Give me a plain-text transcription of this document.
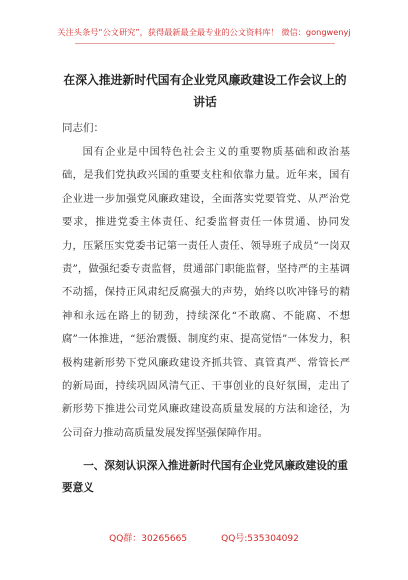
关注头条号“公文研究”，获得最新最全最专业的公文资料库！ 微信：gongwenyj
在深入推进新时代国有企业党风廉政建设工作会议上的讲话

同志们：

国有企业是中国特色社会主义的重要物质基础和政治基础，是我们党执政兴国的重要支柱和依靠力量。近年来，国有企业进一步加强党风廉政建设，全面落实党要管党、从严治党要求，推进党委主体责任、纪委监督责任一体贯通、协同发力，压紧压实党委书记第一责任人责任、领导班子成员“一岗双责”，做强纪委专责监督，贯通部门职能监督，坚持严的主基调不动摇，保持正风肃纪反腐强大的声势，始终以吹冲锋号的精神和永远在路上的韧劲，持续深化“不敢腐、不能腐、不想腐”一体推进，“惩治震慑、制度约束、提高觉悟”一体发力，积极构建新形势下党风廉政建设齐抓共管、真管真严、常管长严的新局面，持续巩固风清气正、干事创业的良好氛围，走出了新形势下推进公司党风廉政建设高质量发展的方法和途径，为公司奋力推动高质量发展发挥坚强保障作用。

一、深刻认识深入推进新时代国有企业党风廉政建设的重要意义

QQ群：30265665	QQ号:535304092
